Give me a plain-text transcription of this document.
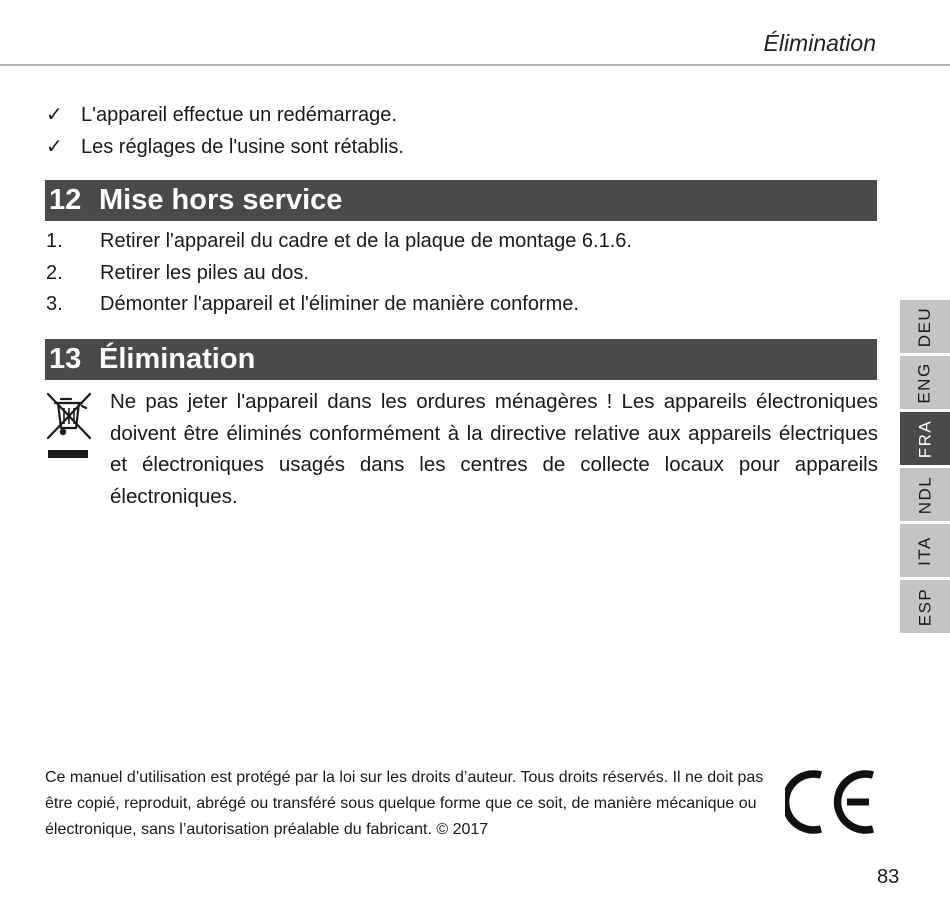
Élimination
✓ L'appareil effectue un redémarrage.
✓ Les réglages de l'usine sont rétablis.
12 Mise hors service
1.	Retirer l'appareil du cadre et de la plaque de montage 6.1.6.
2.	Retirer les piles au dos.
3.	Démonter l'appareil et l'éliminer de manière conforme.
13 Élimination

Ne pas jeter l'appareil dans les ordures ménagères ! Les appareils électroniques doivent être éliminés conformément à la directive relative aux appareils électriques et électroniques usagés dans les centres de collecte locaux pour appareils électroniques.

DEU
ENG
FRA
NDL
ITA
ESP

Ce manuel d’utilisation est protégé par la loi sur les droits d’auteur. Tous droits réservés. Il ne doit pas être copié, reproduit, abrégé ou transféré sous quelque forme que ce soit, de manière mécanique ou électronique, sans l’autorisation préalable du fabricant. © 2017

83
